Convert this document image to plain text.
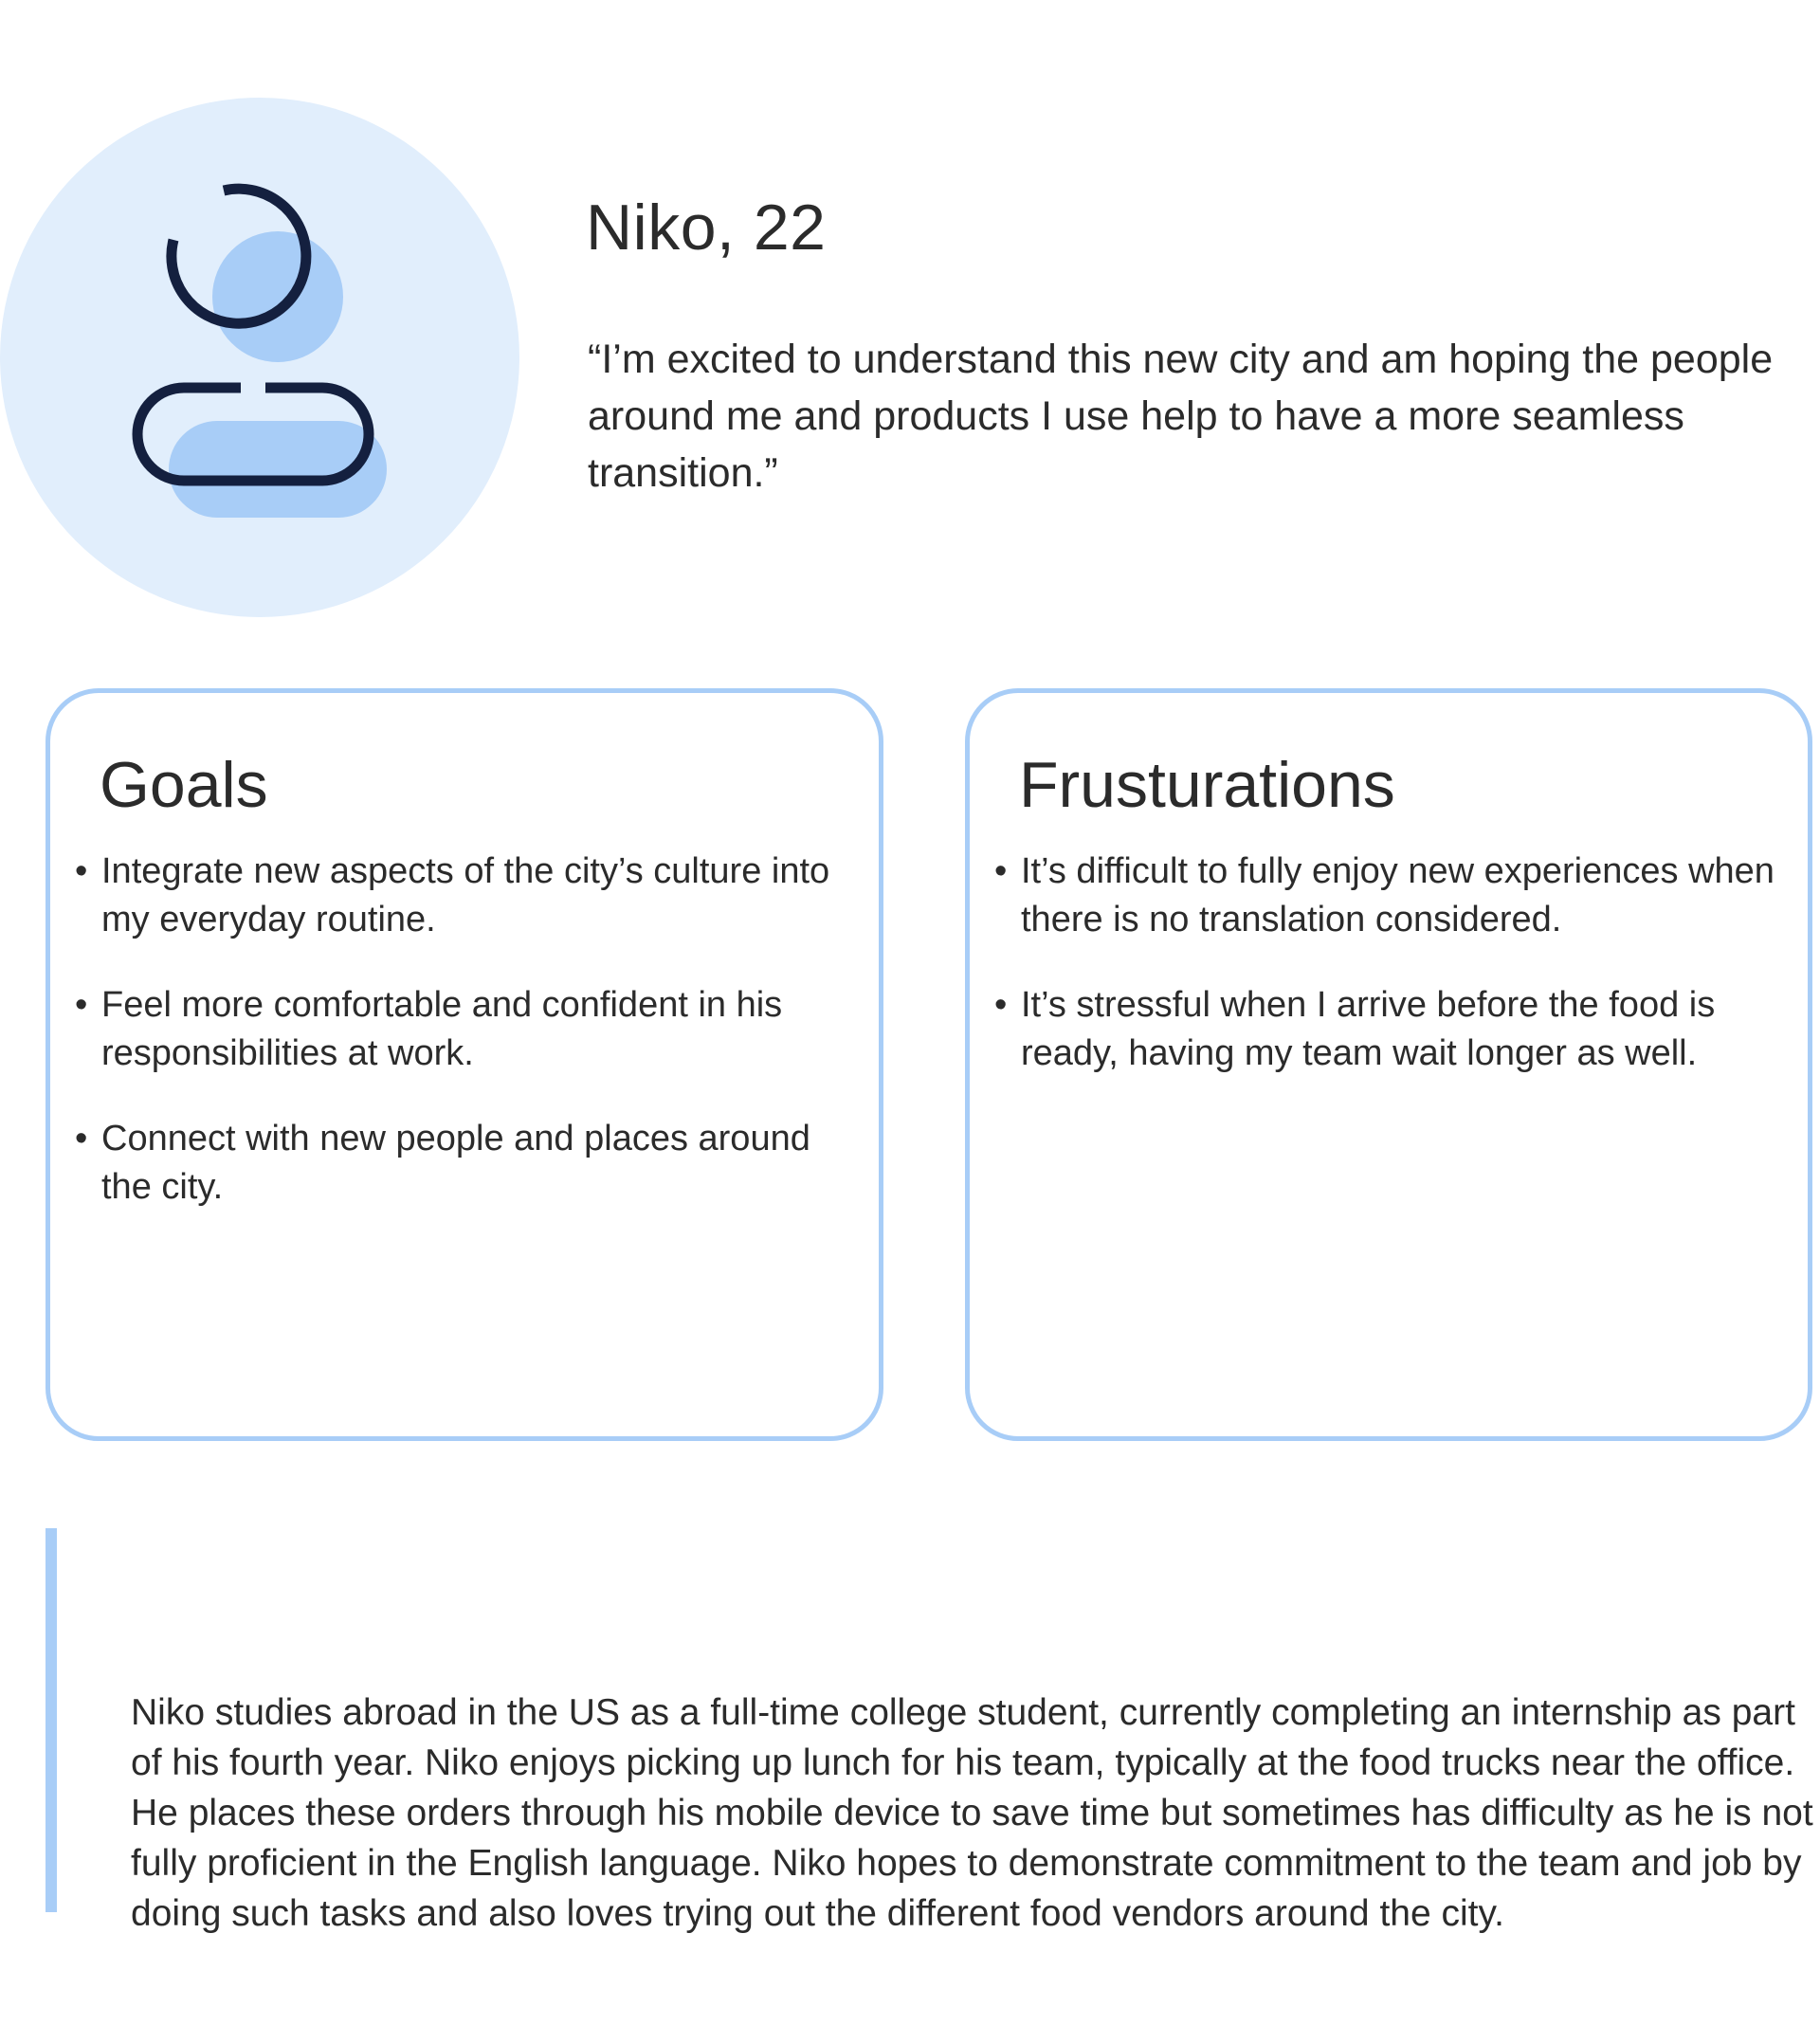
Niko, 22

“I’m excited to understand this new city and am hoping the people around me and products I use help to have a more seamless transition.”

Goals
• Integrate new aspects of the city’s culture into my everyday routine.
• Feel more comfortable and confident in his responsibilities at work.
• Connect with new people and places around the city.
Frusturations
• It’s difficult to fully enjoy new experiences when there is no translation considered.
• It’s stressful when I arrive before the food is ready, having my team wait longer as well.

Niko studies abroad in the US as a full-time college student, currently completing an internship as part of his fourth year. Niko enjoys picking up lunch for his team, typically at the food trucks near the office. He places these orders through his mobile device to save time but sometimes has difficulty as he is not fully proficient in the English language. Niko hopes to demonstrate commitment to the team and job by doing such tasks and also loves trying out the different food vendors around the city.
